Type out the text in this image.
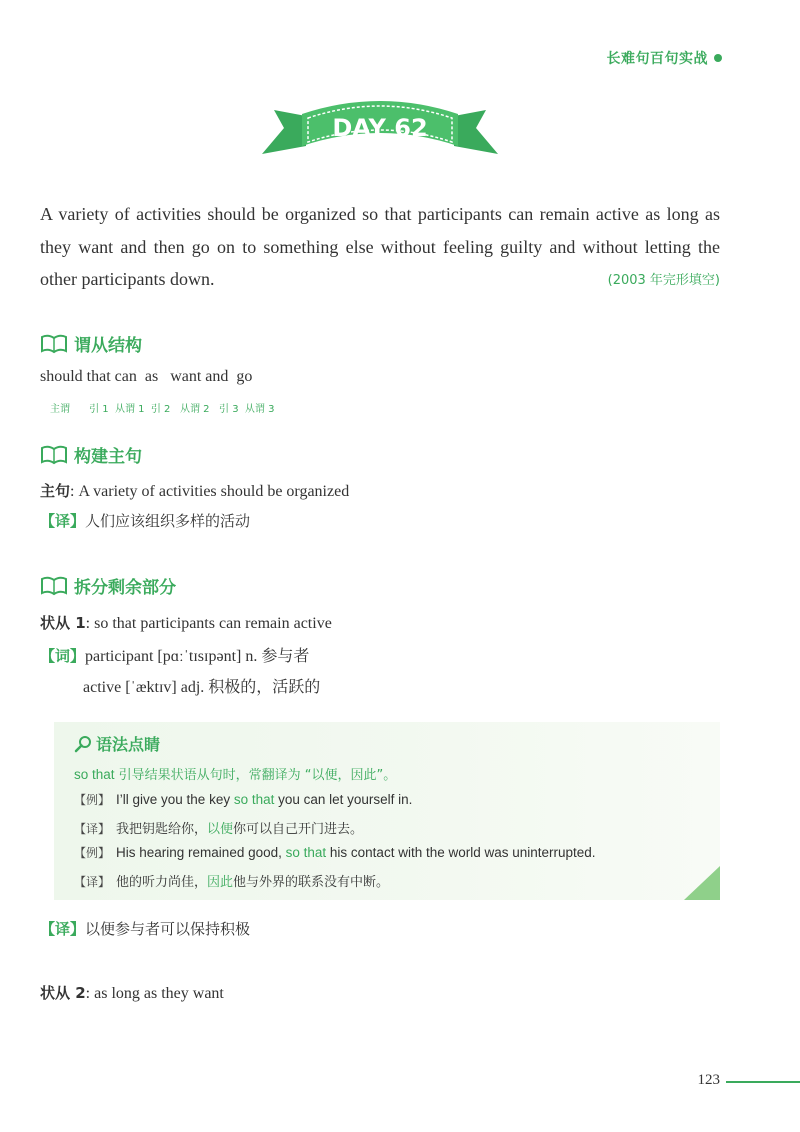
长难句百句实战
DAY 62

A variety of activities should be organized so that participants can remain active as long as they want and then go on to something else without feeling guilty and without letting the other participants down.	(2003 年完形填空)
谓从结构
should that can  as   want and  go
主谓      引 1  从谓 1  引 2   从谓 2   引 3  从谓 3
构建主句
主句: A variety of activities should be organized
【译】人们应该组织多样的活动
拆分剩余部分
状从 1: so that participants can remain active
【词】participant [pɑːˈtɪsɪpənt] n. 参与者
active [ˈæktɪv] adj. 积极的，活跃的
语法点睛
so that 引导结果状语从句时，常翻译为 “以便，因此”。
【例】 I’ll give you the key so that you can let yourself in.
【译】 我把钥匙给你，以便你可以自己开门进去。
【例】 His hearing remained good, so that his contact with the world was uninterrupted.
【译】 他的听力尚佳，因此他与外界的联系没有中断。
【译】以便参与者可以保持积极
状从 2: as long as they want
123
